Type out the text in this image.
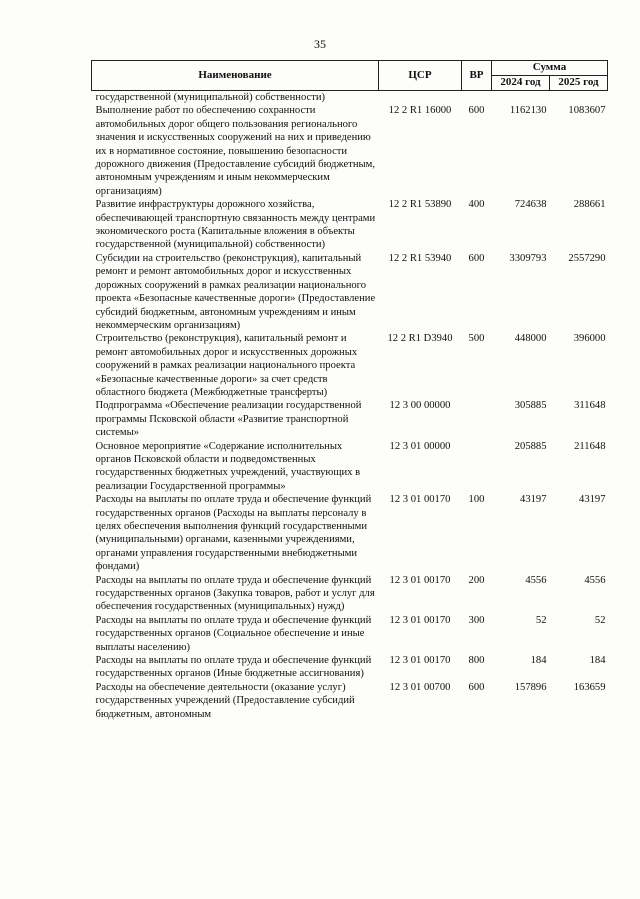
35
Наименование	ЦСР	ВР	Сумма	
			2024 год	2025 год
государственной (муниципальной) собственности)				
Выполнение работ по обеспечению сохранности автомобильных дорог общего пользования регионального значения и искусственных сооружений на них и приведению их в нормативное состояние, повышению безопасности дорожного движения (Предоставление субсидий бюджетным, автономным учреждениям и иным некоммерческим организациям)	12 2 R1 16000	600	1162130	1083607
Развитие инфраструктуры дорожного хозяйства, обеспечивающей транспортную связанность между центрами экономического роста (Капитальные вложения в объекты государственной (муниципальной) собственности)	12 2 R1 53890	400	724638	288661
Субсидии на строительство (реконструкция), капитальный ремонт и ремонт автомобильных дорог и искусственных дорожных сооружений в рамках реализации национального проекта «Безопасные качественные дороги» (Предоставление субсидий бюджетным, автономным учреждениям и иным некоммерческим организациям)	12 2 R1 53940	600	3309793	2557290
Строительство (реконструкция), капитальный ремонт и ремонт автомобильных дорог и искусственных дорожных сооружений в рамках реализации национального проекта «Безопасные качественные дороги» за счет средств областного бюджета (Межбюджетные трансферты)	12 2 R1 D3940	500	448000	396000
Подпрограмма «Обеспечение реализации государственной программы Псковской области «Развитие транспортной системы»	12 3 00 00000		305885	311648
Основное мероприятие «Содержание исполнительных органов Псковской области и подведомственных государственных бюджетных учреждений, участвующих в реализации Государственной программы»	12 3 01 00000		205885	211648
Расходы на выплаты по оплате труда и обеспечение функций государственных органов (Расходы на выплаты персоналу в целях обеспечения выполнения функций государственными (муниципальными) органами, казенными учреждениями, органами управления государственными внебюджетными фондами)	12 3 01 00170	100	43197	43197
Расходы на выплаты по оплате труда и обеспечение функций государственных органов (Закупка товаров, работ и услуг для обеспечения государственных (муниципальных) нужд)	12 3 01 00170	200	4556	4556
Расходы на выплаты по оплате труда и обеспечение функций государственных органов (Социальное обеспечение и иные выплаты населению)	12 3 01 00170	300	52	52
Расходы на выплаты по оплате труда и обеспечение функций государственных органов (Иные бюджетные ассигнования)	12 3 01 00170	800	184	184
Расходы на обеспечение деятельности (оказание услуг) государственных учреждений (Предоставление субсидий бюджетным, автономным	12 3 01 00700	600	157896	163659
